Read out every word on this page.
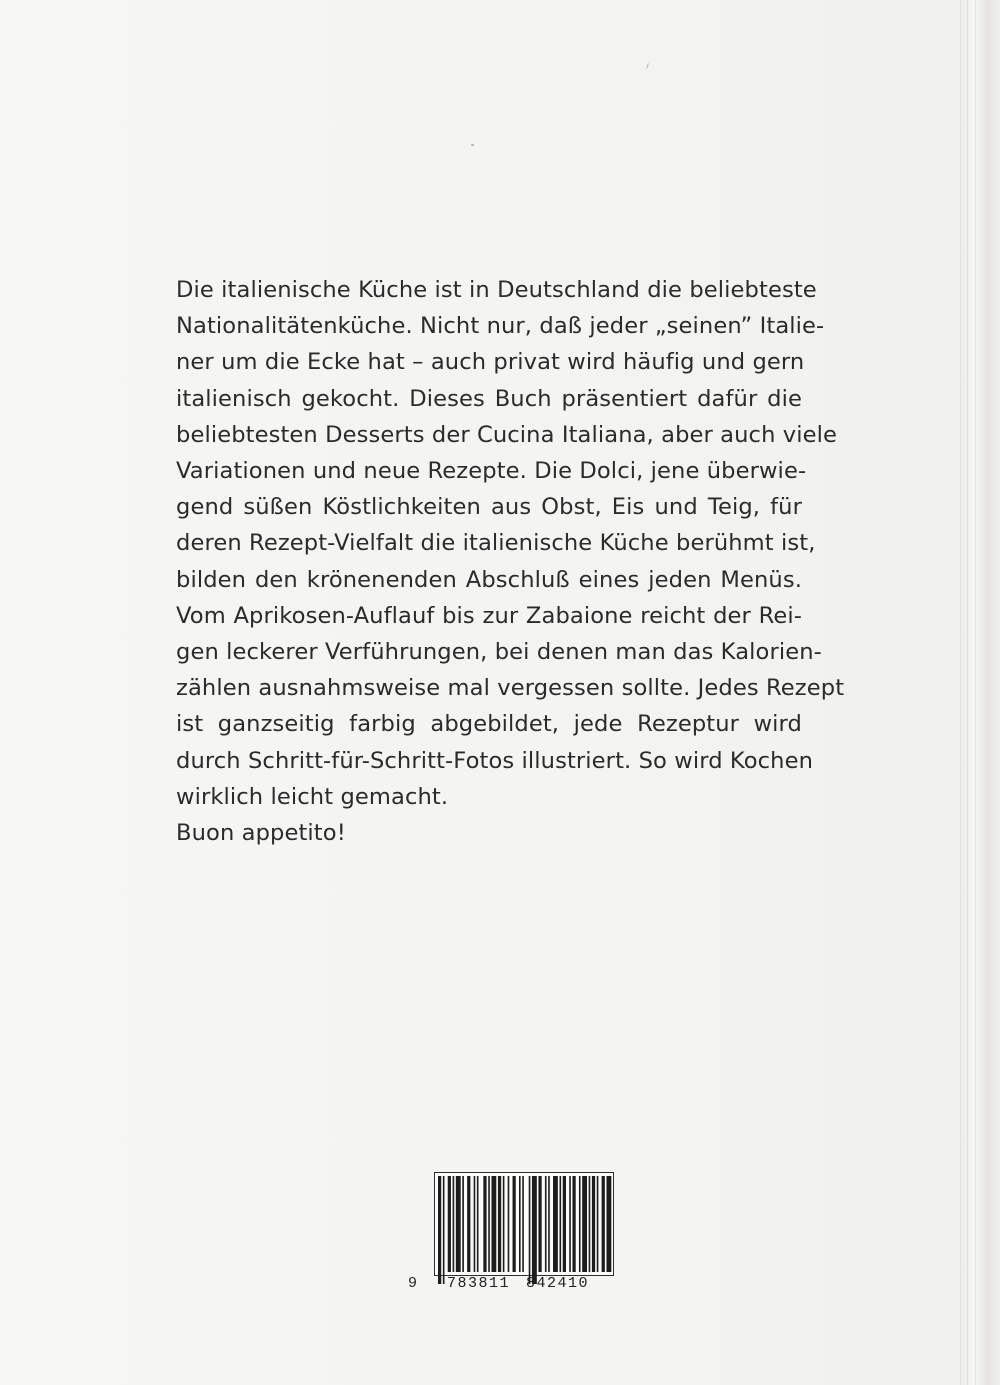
Die italienische Küche ist in Deutschland die beliebteste
Nationalitätenküche. Nicht nur, daß jeder „seinen” Italie-
ner um die Ecke hat – auch privat wird häufig und gern
italienisch gekocht. Dieses Buch präsentiert dafür die
beliebtesten Desserts der Cucina Italiana, aber auch viele
Variationen und neue Rezepte. Die Dolci, jene überwie-
gend süßen Köstlichkeiten aus Obst, Eis und Teig, für
deren Rezept-Vielfalt die italienische Küche berühmt ist,
bilden den krönenenden Abschluß eines jeden Menüs.
Vom Aprikosen-Auflauf bis zur Zabaione reicht der Rei-
gen leckerer Verführungen, bei denen man das Kalorien-
zählen ausnahmsweise mal vergessen sollte. Jedes Rezept
ist ganzseitig farbig abgebildet, jede Rezeptur wird
durch Schritt-für-Schritt-Fotos illustriert. So wird Kochen
wirklich leicht gemacht.
Buon appetito!
9 783811 842410
